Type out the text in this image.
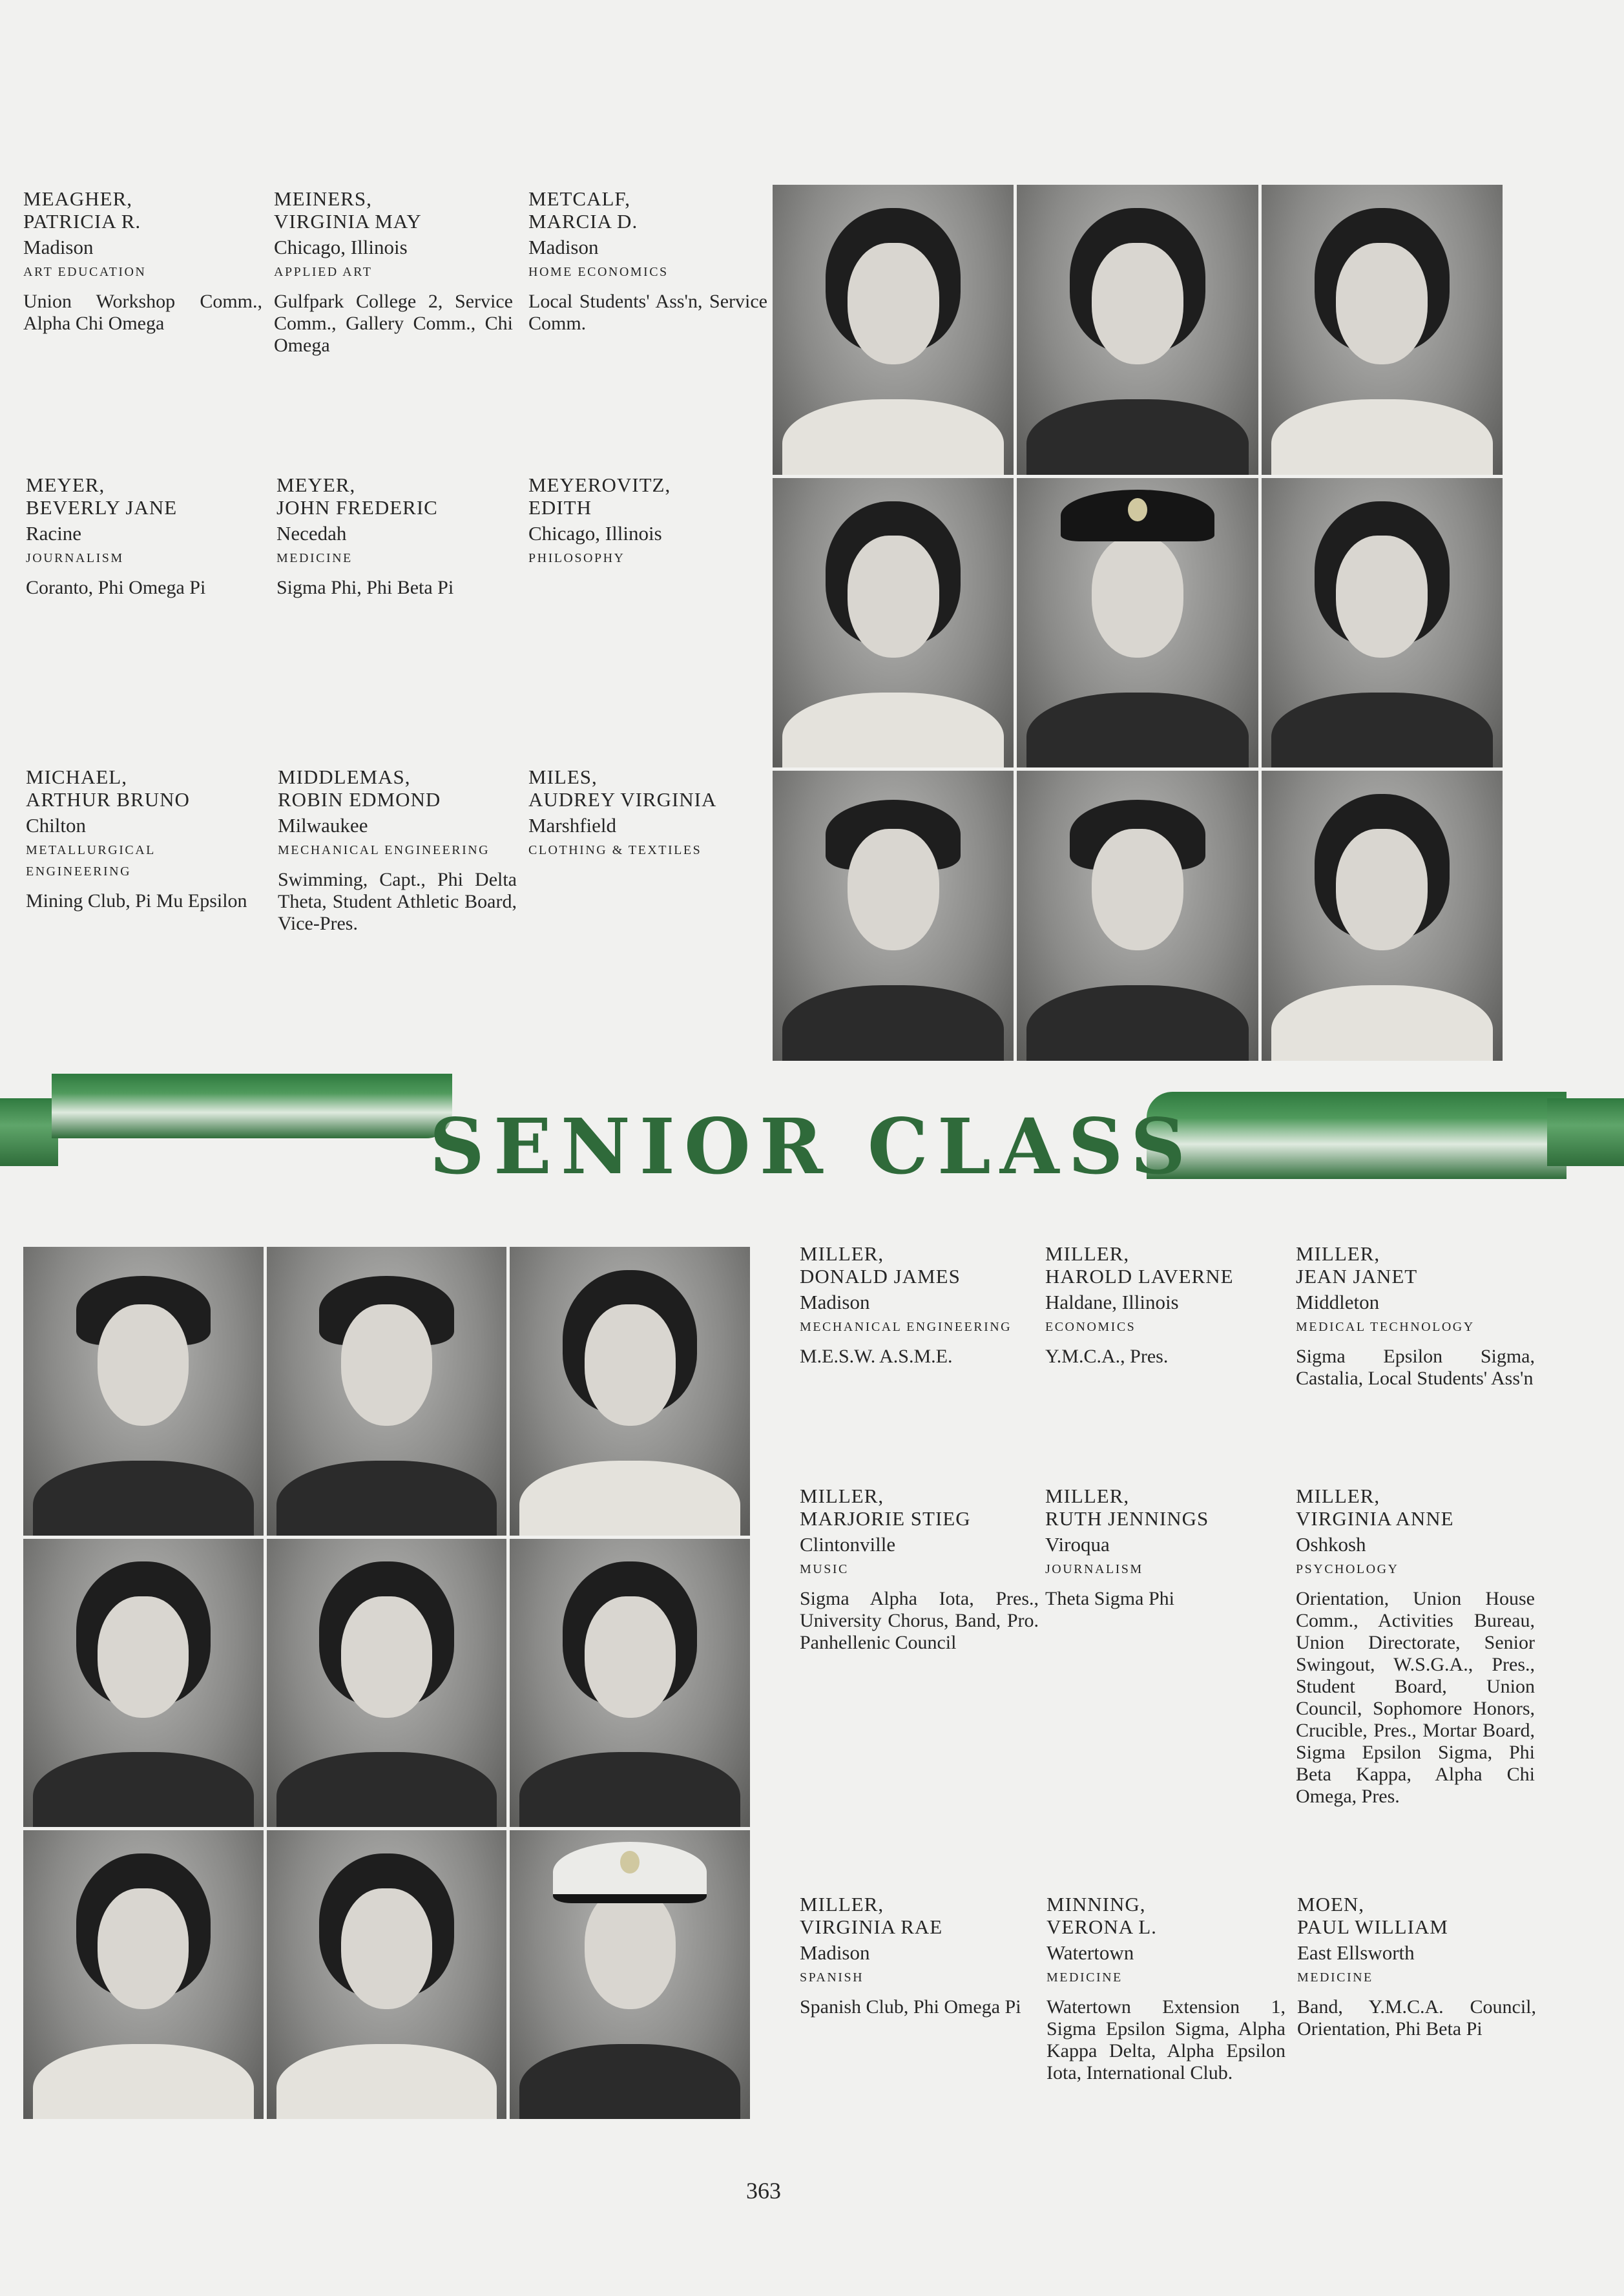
MEAGHER,
PATRICIA R.
Madison
ART EDUCATION
Union Workshop Comm., Alpha Chi Omega
MEINERS,
VIRGINIA MAY
Chicago, Illinois
APPLIED ART
Gulfpark College 2, Service Comm., Gallery Comm., Chi Omega
METCALF,
MARCIA D.
Madison
HOME ECONOMICS
Local Students' Ass'n, Service Comm.
MEYER,
BEVERLY JANE
Racine
JOURNALISM
Coranto, Phi Omega Pi
MEYER,
JOHN FREDERIC
Necedah
MEDICINE
Sigma Phi, Phi Beta Pi
MEYEROVITZ,
EDITH
Chicago, Illinois
PHILOSOPHY
MICHAEL,
ARTHUR BRUNO
Chilton
METALLURGICAL ENGINEERING
Mining Club, Pi Mu Epsilon
MIDDLEMAS,
ROBIN EDMOND
Milwaukee
MECHANICAL ENGINEERING
Swimming, Capt., Phi Delta Theta, Student Athletic Board, Vice-Pres.
MILES,
AUDREY VIRGINIA
Marshfield
CLOTHING & TEXTILES
SENIOR CLASS
MILLER,
DONALD JAMES
Madison
MECHANICAL ENGINEERING
M.E.S.W. A.S.M.E.
MILLER,
HAROLD LAVERNE
Haldane, Illinois
ECONOMICS
Y.M.C.A., Pres.
MILLER,
JEAN JANET
Middleton
MEDICAL TECHNOLOGY
Sigma Epsilon Sigma, Castalia, Local Students' Ass'n
MILLER,
MARJORIE STIEG
Clintonville
MUSIC
Sigma Alpha Iota, Pres., University Chorus, Band, Pro. Panhellenic Council
MILLER,
RUTH JENNINGS
Viroqua
JOURNALISM
Theta Sigma Phi
MILLER,
VIRGINIA ANNE
Oshkosh
PSYCHOLOGY
Orientation, Union House Comm., Activities Bureau, Union Directorate, Senior Swingout, W.S.G.A., Pres., Student Board, Union Council, Sophomore Honors, Crucible, Pres., Mortar Board, Sigma Epsilon Sigma, Phi Beta Kappa, Alpha Chi Omega, Pres.
MILLER,
VIRGINIA RAE
Madison
SPANISH
Spanish Club, Phi Omega Pi
MINNING,
VERONA L.
Watertown
MEDICINE
Watertown Extension 1, Sigma Epsilon Sigma, Alpha Kappa Delta, Alpha Epsilon Iota, International Club.
MOEN,
PAUL WILLIAM
East Ellsworth
MEDICINE
Band, Y.M.C.A. Council, Orientation, Phi Beta Pi
363
